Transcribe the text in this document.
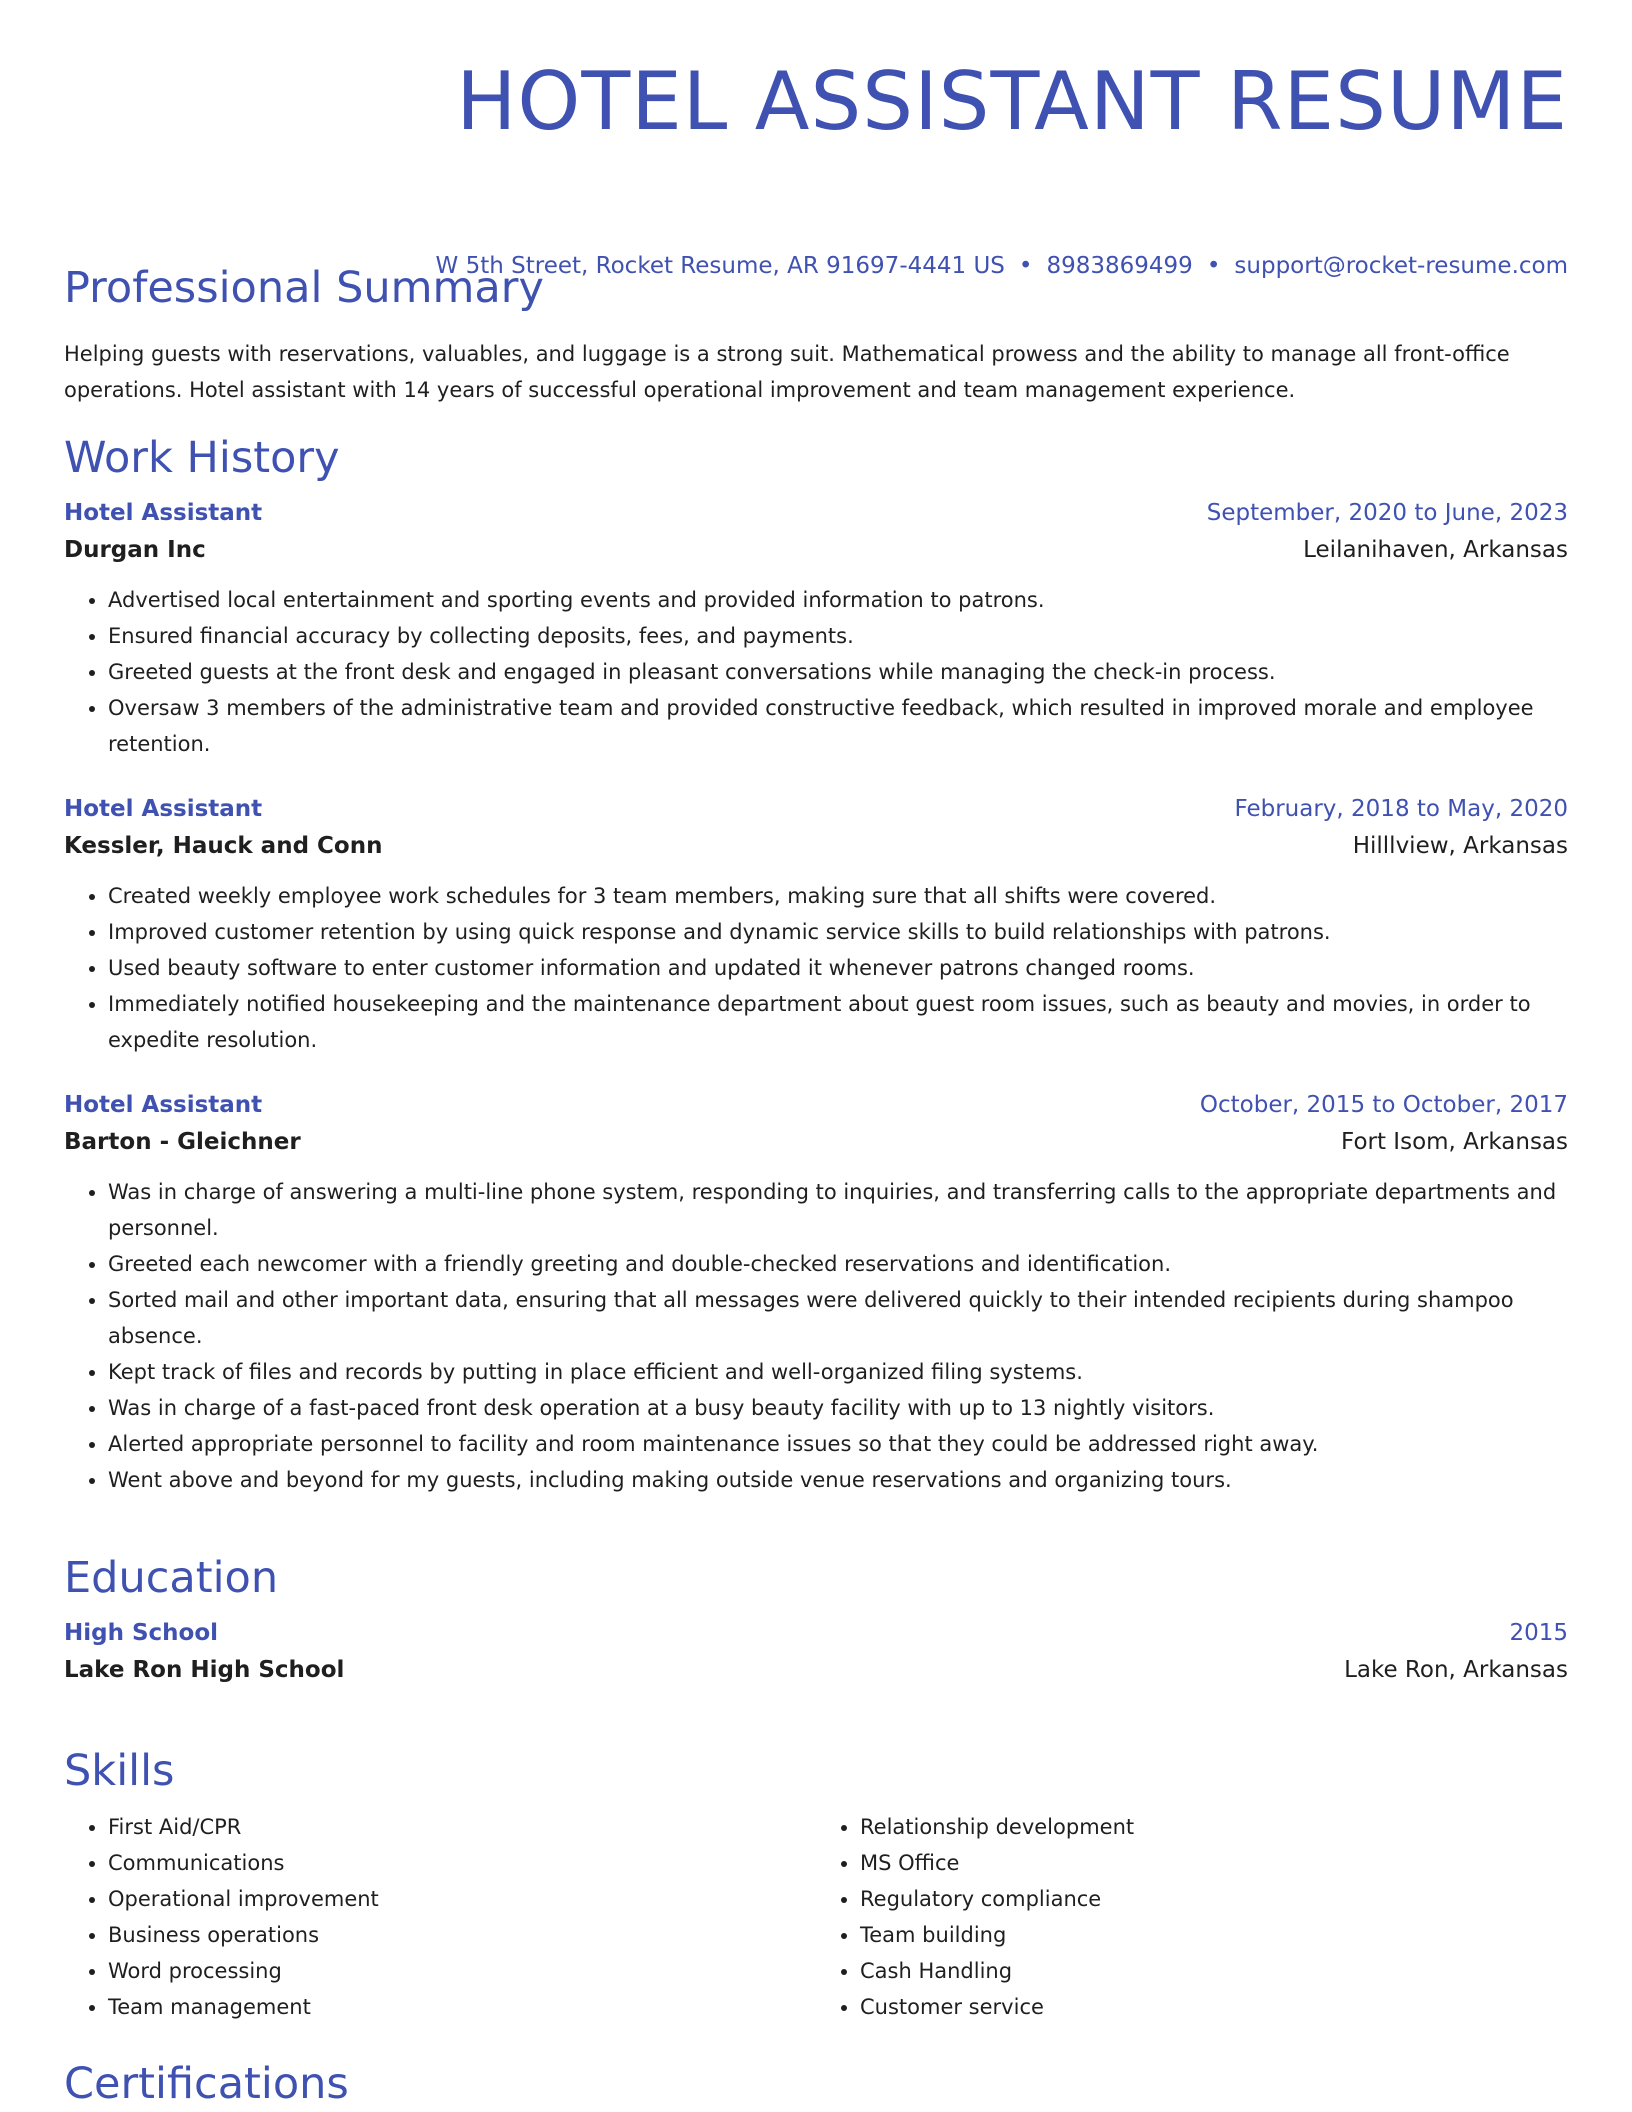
HOTEL ASSISTANT RESUME
W 5th Street, Rocket Resume, AR 91697-4441 US • 8983869499 • support@rocket-resume.com
Professional Summary

Helping guests with reservations, valuables, and luggage is a strong suit. Mathematical prowess and the ability to manage all front-office operations. Hotel assistant with 14 years of successful operational improvement and team management experience.

Work History
Hotel Assistant	September, 2020 to June, 2023
Durgan Inc	Leilanihaven, Arkansas
• Advertised local entertainment and sporting events and provided information to patrons.
• Ensured financial accuracy by collecting deposits, fees, and payments.
• Greeted guests at the front desk and engaged in pleasant conversations while managing the check-in process.
• Oversaw 3 members of the administrative team and provided constructive feedback, which resulted in improved morale and employee retention.
Hotel Assistant	February, 2018 to May, 2020
Kessler, Hauck and Conn	Hilllview, Arkansas
• Created weekly employee work schedules for 3 team members, making sure that all shifts were covered.
• Improved customer retention by using quick response and dynamic service skills to build relationships with patrons.
• Used beauty software to enter customer information and updated it whenever patrons changed rooms.
• Immediately notified housekeeping and the maintenance department about guest room issues, such as beauty and movies, in order to expedite resolution.
Hotel Assistant	October, 2015 to October, 2017
Barton - Gleichner	Fort Isom, Arkansas
• Was in charge of answering a multi-line phone system, responding to inquiries, and transferring calls to the appropriate departments and personnel.
• Greeted each newcomer with a friendly greeting and double-checked reservations and identification.
• Sorted mail and other important data, ensuring that all messages were delivered quickly to their intended recipients during shampoo absence.
• Kept track of files and records by putting in place efficient and well-organized filing systems.
• Was in charge of a fast-paced front desk operation at a busy beauty facility with up to 13 nightly visitors.
• Alerted appropriate personnel to facility and room maintenance issues so that they could be addressed right away.
• Went above and beyond for my guests, including making outside venue reservations and organizing tours.
Education
High School	2015
Lake Ron High School	Lake Ron, Arkansas
Skills
• First Aid/CPR
• Communications
• Operational improvement
• Business operations
• Word processing
• Team management
• Relationship development
• MS Office
• Regulatory compliance
• Team building
• Cash Handling
• Customer service
Certifications
